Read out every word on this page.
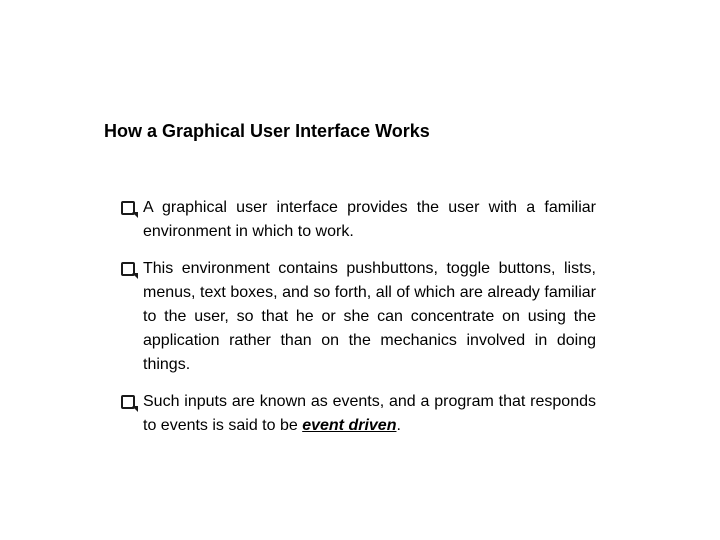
How a Graphical User Interface Works
A graphical user interface provides the user with a familiar environment in which to work.
This environment contains pushbuttons, toggle buttons, lists, menus, text boxes, and so forth, all of which are already familiar to the user, so that he or she can concentrate on using the application rather than on the mechanics involved in doing things.
Such inputs are known as events, and a program that responds to events is said to be event driven.
